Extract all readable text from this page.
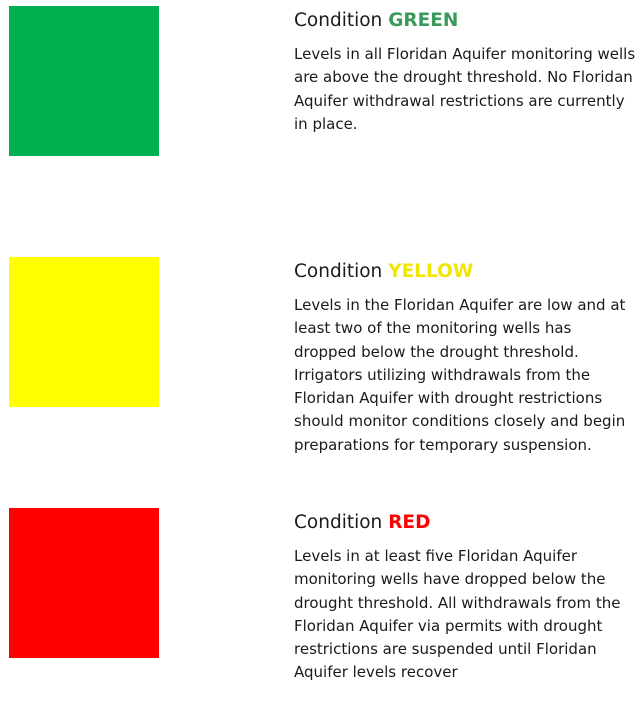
Condition GREEN

Levels in all Floridan Aquifer monitoring wells are above the drought threshold. No Floridan Aquifer withdrawal restrictions are currently in place.

Condition YELLOW

Levels in the Floridan Aquifer are low and at least two of the monitoring wells has dropped below the drought threshold. Irrigators utilizing withdrawals from the Floridan Aquifer with drought restrictions should monitor conditions closely and begin preparations for temporary suspension.

Condition RED

Levels in at least five Floridan Aquifer monitoring wells have dropped below the drought threshold. All withdrawals from the Floridan Aquifer via permits with drought restrictions are suspended until Floridan Aquifer levels recover
